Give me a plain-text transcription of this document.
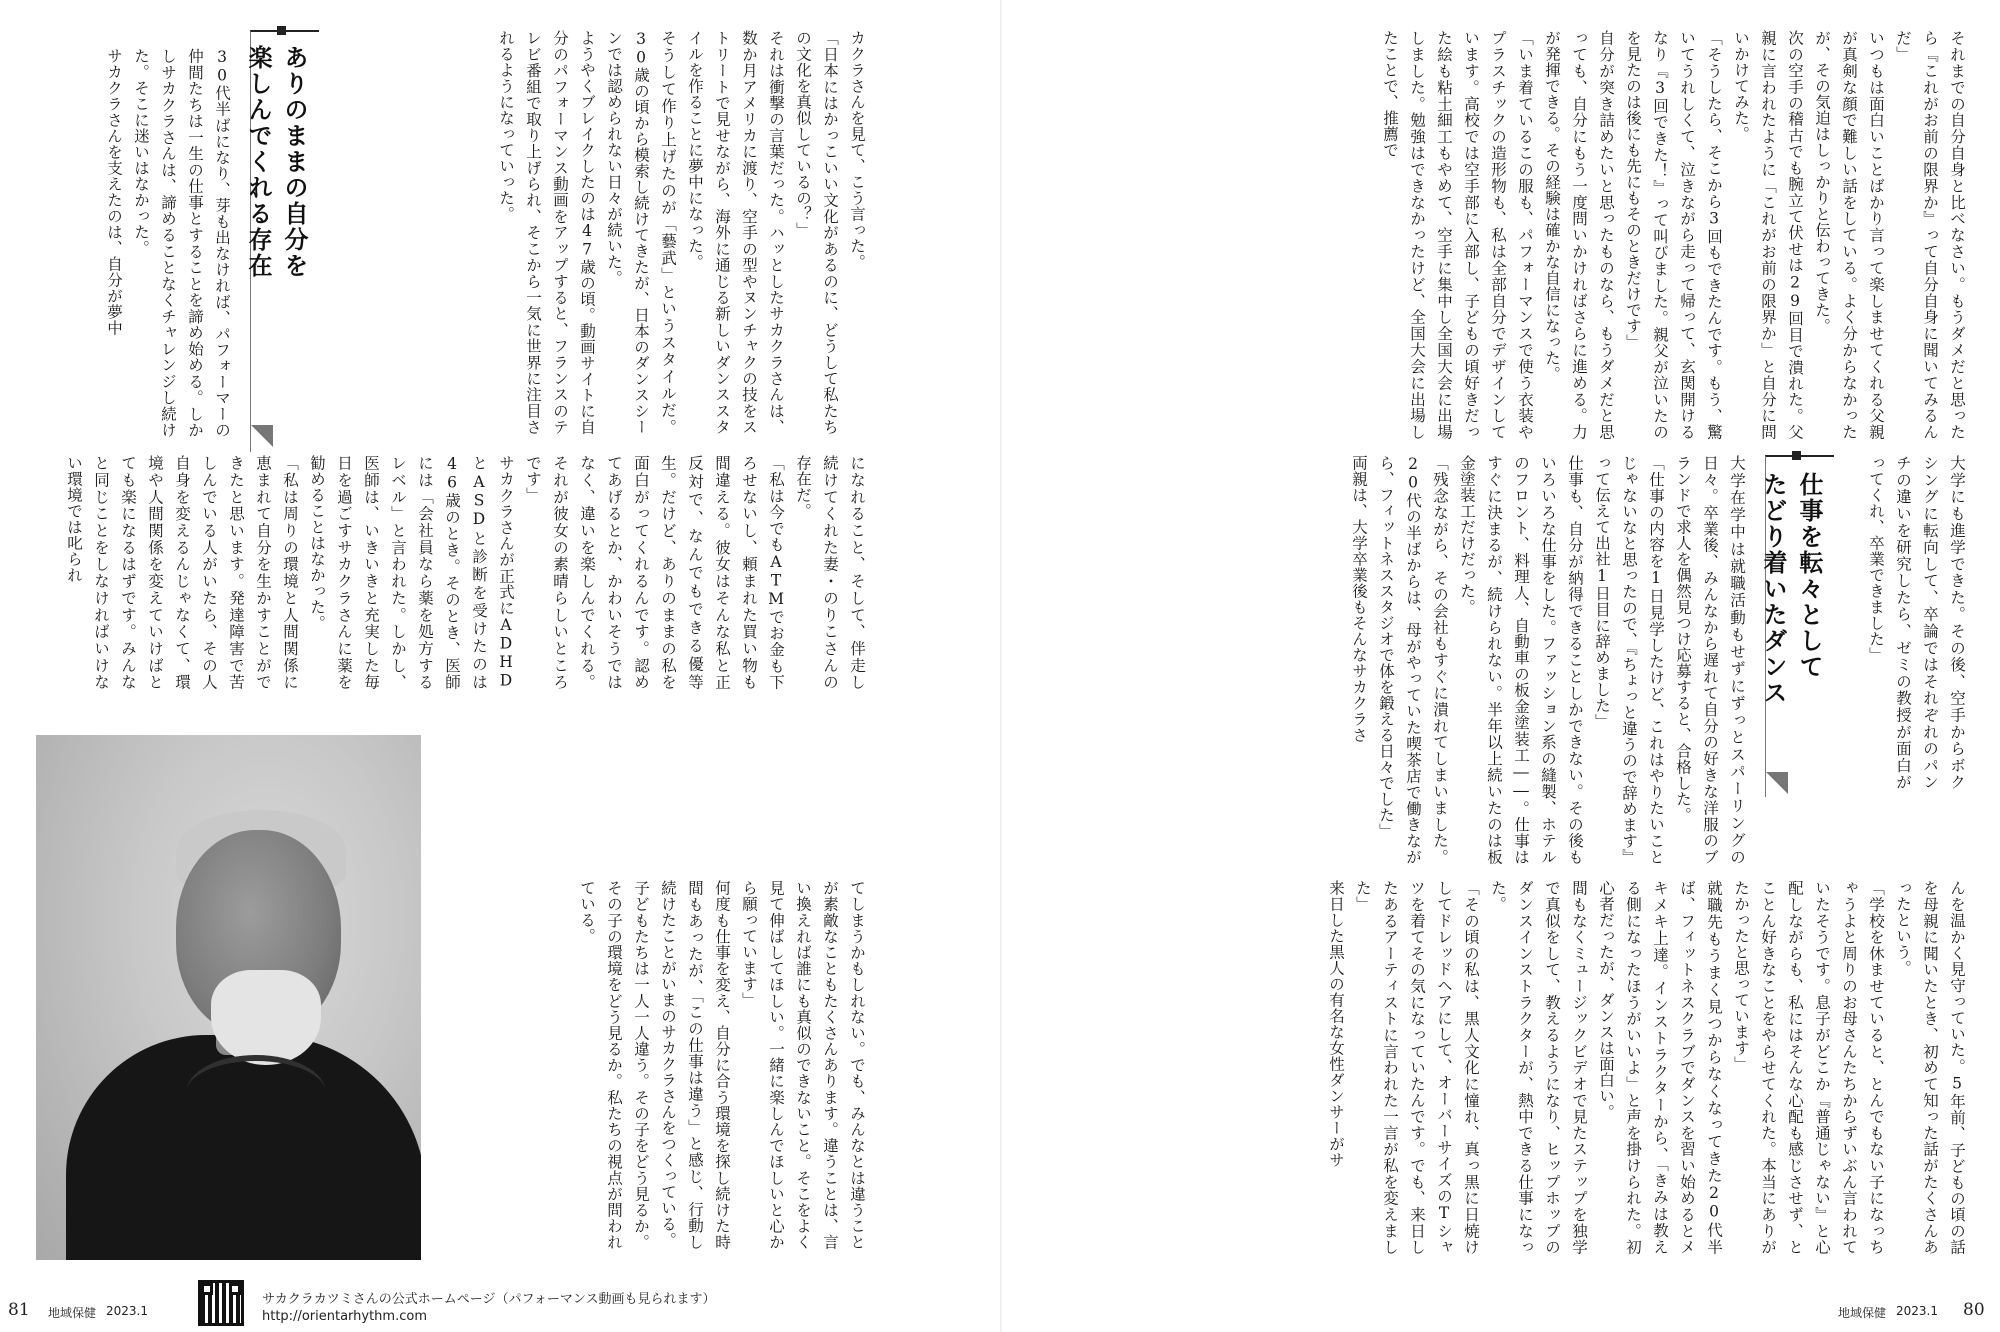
カクラさんを見て、こう言った。
「日本にはかっこいい文化があるのに、どうして私たちの文化を真似しているの？」
それは衝撃の言葉だった。ハッとしたサカクラさんは、数か月アメリカに渡り、空手の型やヌンチャクの技をストリートで見せながら、海外に通じる新しいダンススタイルを作ることに夢中になった。
そうして作り上げたのが「藝武」というスタイルだ。30歳の頃から模索し続けてきたが、日本のダンスシーンでは認められない日々が続いた。
ようやくブレイクしたのは47歳の頃。動画サイトに自分のパフォーマンス動画をアップすると、フランスのテレビ番組で取り上げられ、そこから一気に世界に注目されるようになっていった。
ありのままの自分を
楽しんでくれる存在
30代半ばになり、芽も出なければ、パフォーマーの仲間たちは一生の仕事とすることを諦め始める。しかしサカクラさんは、諦めることなくチャレンジし続けた。そこに迷いはなかった。
サカクラさんを支えたのは、自分が夢中
になれること、そして、伴走し続けてくれた妻・のりこさんの存在だ。
「私は今でもATMでお金も下ろせないし、頼まれた買い物も間違える。彼女はそんな私と正反対で、なんでもできる優等生。だけど、ありのままの私を面白がってくれるんです。認めてあげるとか、かわいそうではなく、違いを楽しんでくれる。それが彼女の素晴らしいところです」
サカクラさんが正式にADHDとASDと診断を受けたのは46歳のとき。そのとき、医師には「会社員なら薬を処方するレベル」と言われた。しかし、医師は、いきいきと充実した毎日を過ごすサカクラさんに薬を勧めることはなかった。
「私は周りの環境と人間関係に恵まれて自分を生かすことができたと思います。発達障害で苦しんでいる人がいたら、その人自身を変えるんじゃなくて、環境や人間関係を変えていけばとても楽になるはずです。みんなと同じことをしなければいけない環境では叱られ
てしまうかもしれない。でも、みんなとは違うことが素敵なこともたくさんあります。違うことは、言い換えれば誰にも真似のできないこと。そこをよく見て伸ばしてほしい。一緒に楽しんでほしいと心から願っています」
何度も仕事を変え、自分に合う環境を探し続けた時間もあったが、「この仕事は違う」と感じ、行動し続けたことがいまのサカクラさんをつくっている。
子どもたちは一人一人違う。その子をどう見るか。その子の環境をどう見るか。私たちの視点が問われている。
81 地域保健 2023.1
サカクラカツミさんの公式ホームページ（パフォーマンス動画も見られます）
http://orientarhythm.com
それまでの自分自身と比べなさい。もうダメだと思ったら『これがお前の限界か』って自分自身に聞いてみるんだ」
いつもは面白いことばかり言って楽しませてくれる父親が真剣な顔で難しい話をしている。よく分からなかったが、その気迫はしっかりと伝わってきた。
次の空手の稽古でも腕立て伏せは29回目で潰れた。父親に言われたように「これがお前の限界か」と自分に問いかけてみた。
「そうしたら、そこから3回もできたんです。もう、驚いてうれしくて、泣きながら走って帰って、玄関開けるなり『3回できた！』って叫びました。親父が泣いたのを見たのは後にも先にもそのときだけです」
自分が突き詰めたいと思ったものなら、もうダメだと思っても、自分にもう一度問いかければさらに進める。力が発揮できる。その経験は確かな自信になった。
「いま着ているこの服も、パフォーマンスで使う衣装やプラスチックの造形物も、私は全部自分でデザインしています。高校では空手部に入部し、子どもの頃好きだった絵も粘土細工もやめて、空手に集中し全国大会に出場しました。勉強はできなかったけど、全国大会に出場したことで、推薦で
大学にも進学できた。その後、空手からボクシングに転向して、卒論ではそれぞれのパンチの違いを研究したら、ゼミの教授が面白がってくれ、卒業できました」
仕事を転々として
たどり着いたダンス
大学在学中は就職活動もせずにずっとスパーリングの日々。卒業後、みんなから遅れて自分の好きな洋服のブランドで求人を偶然見つけ応募すると、合格した。
「仕事の内容を1日見学したけど、これはやりたいことじゃないなと思ったので、『ちょっと違うので辞めます』って伝えて出社1日目に辞めました」
仕事も、自分が納得できることしかできない。その後もいろいろな仕事をした。ファッション系の縫製、ホテルのフロント、料理人、自動車の板金塗装工――。仕事はすぐに決まるが、続けられない。半年以上続いたのは板金塗装工だけだった。
「残念ながら、その会社もすぐに潰れてしまいました。20代の半ばからは、母がやっていた喫茶店で働きながら、フィットネススタジオで体を鍛える日々でした」
両親は、大学卒業後もそんなサカクラさ
んを温かく見守っていた。5年前、子どもの頃の話を母親に聞いたとき、初めて知った話がたくさんあったという。
「学校を休ませていると、とんでもない子になっちゃうよと周りのお母さんたちからずいぶん言われていたそうです。息子がどこか『普通じゃない』と心配しながらも、私にはそんな心配も感じさせず、とことん好きなことをやらせてくれた。本当にありがたかったと思っています」
就職先もうまく見つからなくなってきた20代半ば、フィットネスクラブでダンスを習い始めるとメキメキ上達。インストラクターから、「きみは教える側になったほうがいいよ」と声を掛けられた。初心者だったが、ダンスは面白い。
間もなくミュージックビデオで見たステップを独学で真似をして、教えるようになり、ヒップホップのダンスインストラクターが、熱中できる仕事になった。
「その頃の私は、黒人文化に憧れ、真っ黒に日焼けしてドレッドヘアにして、オーバーサイズのTシャツを着てその気になっていたんです。でも、来日したあるアーティストに言われた一言が私を変えました」
来日した黒人の有名な女性ダンサーがサ
地域保健 2023.1 80
